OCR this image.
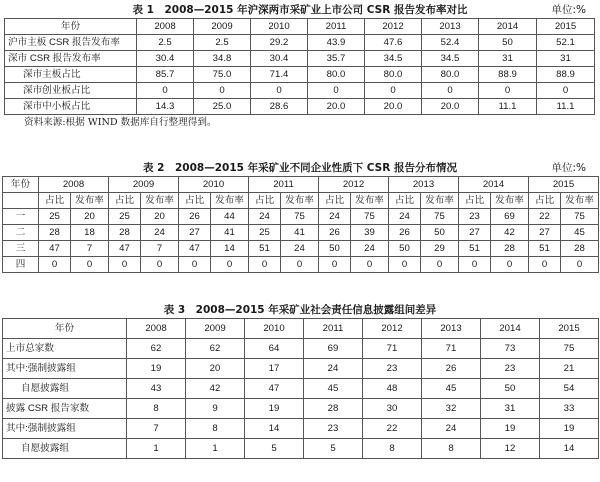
表 1　2008—2015 年沪深两市采矿业上市公司 CSR 报告发布率对比	单位:%
年份	2008	2009	2010	2011	2012	2013	2014	2015
沪市主板 CSR 报告发布率	2.5	2.5	29.2	43.9	47.6	52.4	50	52.1
深市 CSR 报告发布率	30.4	34.8	30.4	35.7	34.5	34.5	31	31
深市主板占比	85.7	75.0	71.4	80.0	80.0	80.0	88.9	88.9
深市创业板占比	0	0	0	0	0	0	0	0
深市中小板占比	14.3	25.0	28.6	20.0	20.0	20.0	11.1	11.1
资料来源:根据 WIND 数据库自行整理得到。
表 2　2008—2015 年采矿业不同企业性质下 CSR 报告分布情况	单位:%
年份	2008		2009		2010		2011		2012		2013		2014		2015	
	占比	发布率	占比	发布率	占比	发布率	占比	发布率	占比	发布率	占比	发布率	占比	发布率	占比	发布率
一	25	20	25	20	26	44	24	75	24	75	24	75	23	69	22	75
二	28	18	28	24	27	41	25	41	26	39	26	50	27	42	27	45
三	47	7	47	7	47	14	51	24	50	24	50	29	51	28	51	28
四	0	0	0	0	0	0	0	0	0	0	0	0	0	0	0	0
表 3　2008—2015 年采矿业社会责任信息披露组间差异
年份	2008	2009	2010	2011	2012	2013	2014	2015
上市总家数	62	62	64	69	71	71	73	75
其中:强制披露组	19	20	17	24	23	26	23	21
自愿披露组	43	42	47	45	48	45	50	54
披露 CSR 报告家数	8	9	19	28	30	32	31	33
其中:强制披露组	7	8	14	23	22	24	19	19
自愿披露组	1	1	5	5	8	8	12	14
